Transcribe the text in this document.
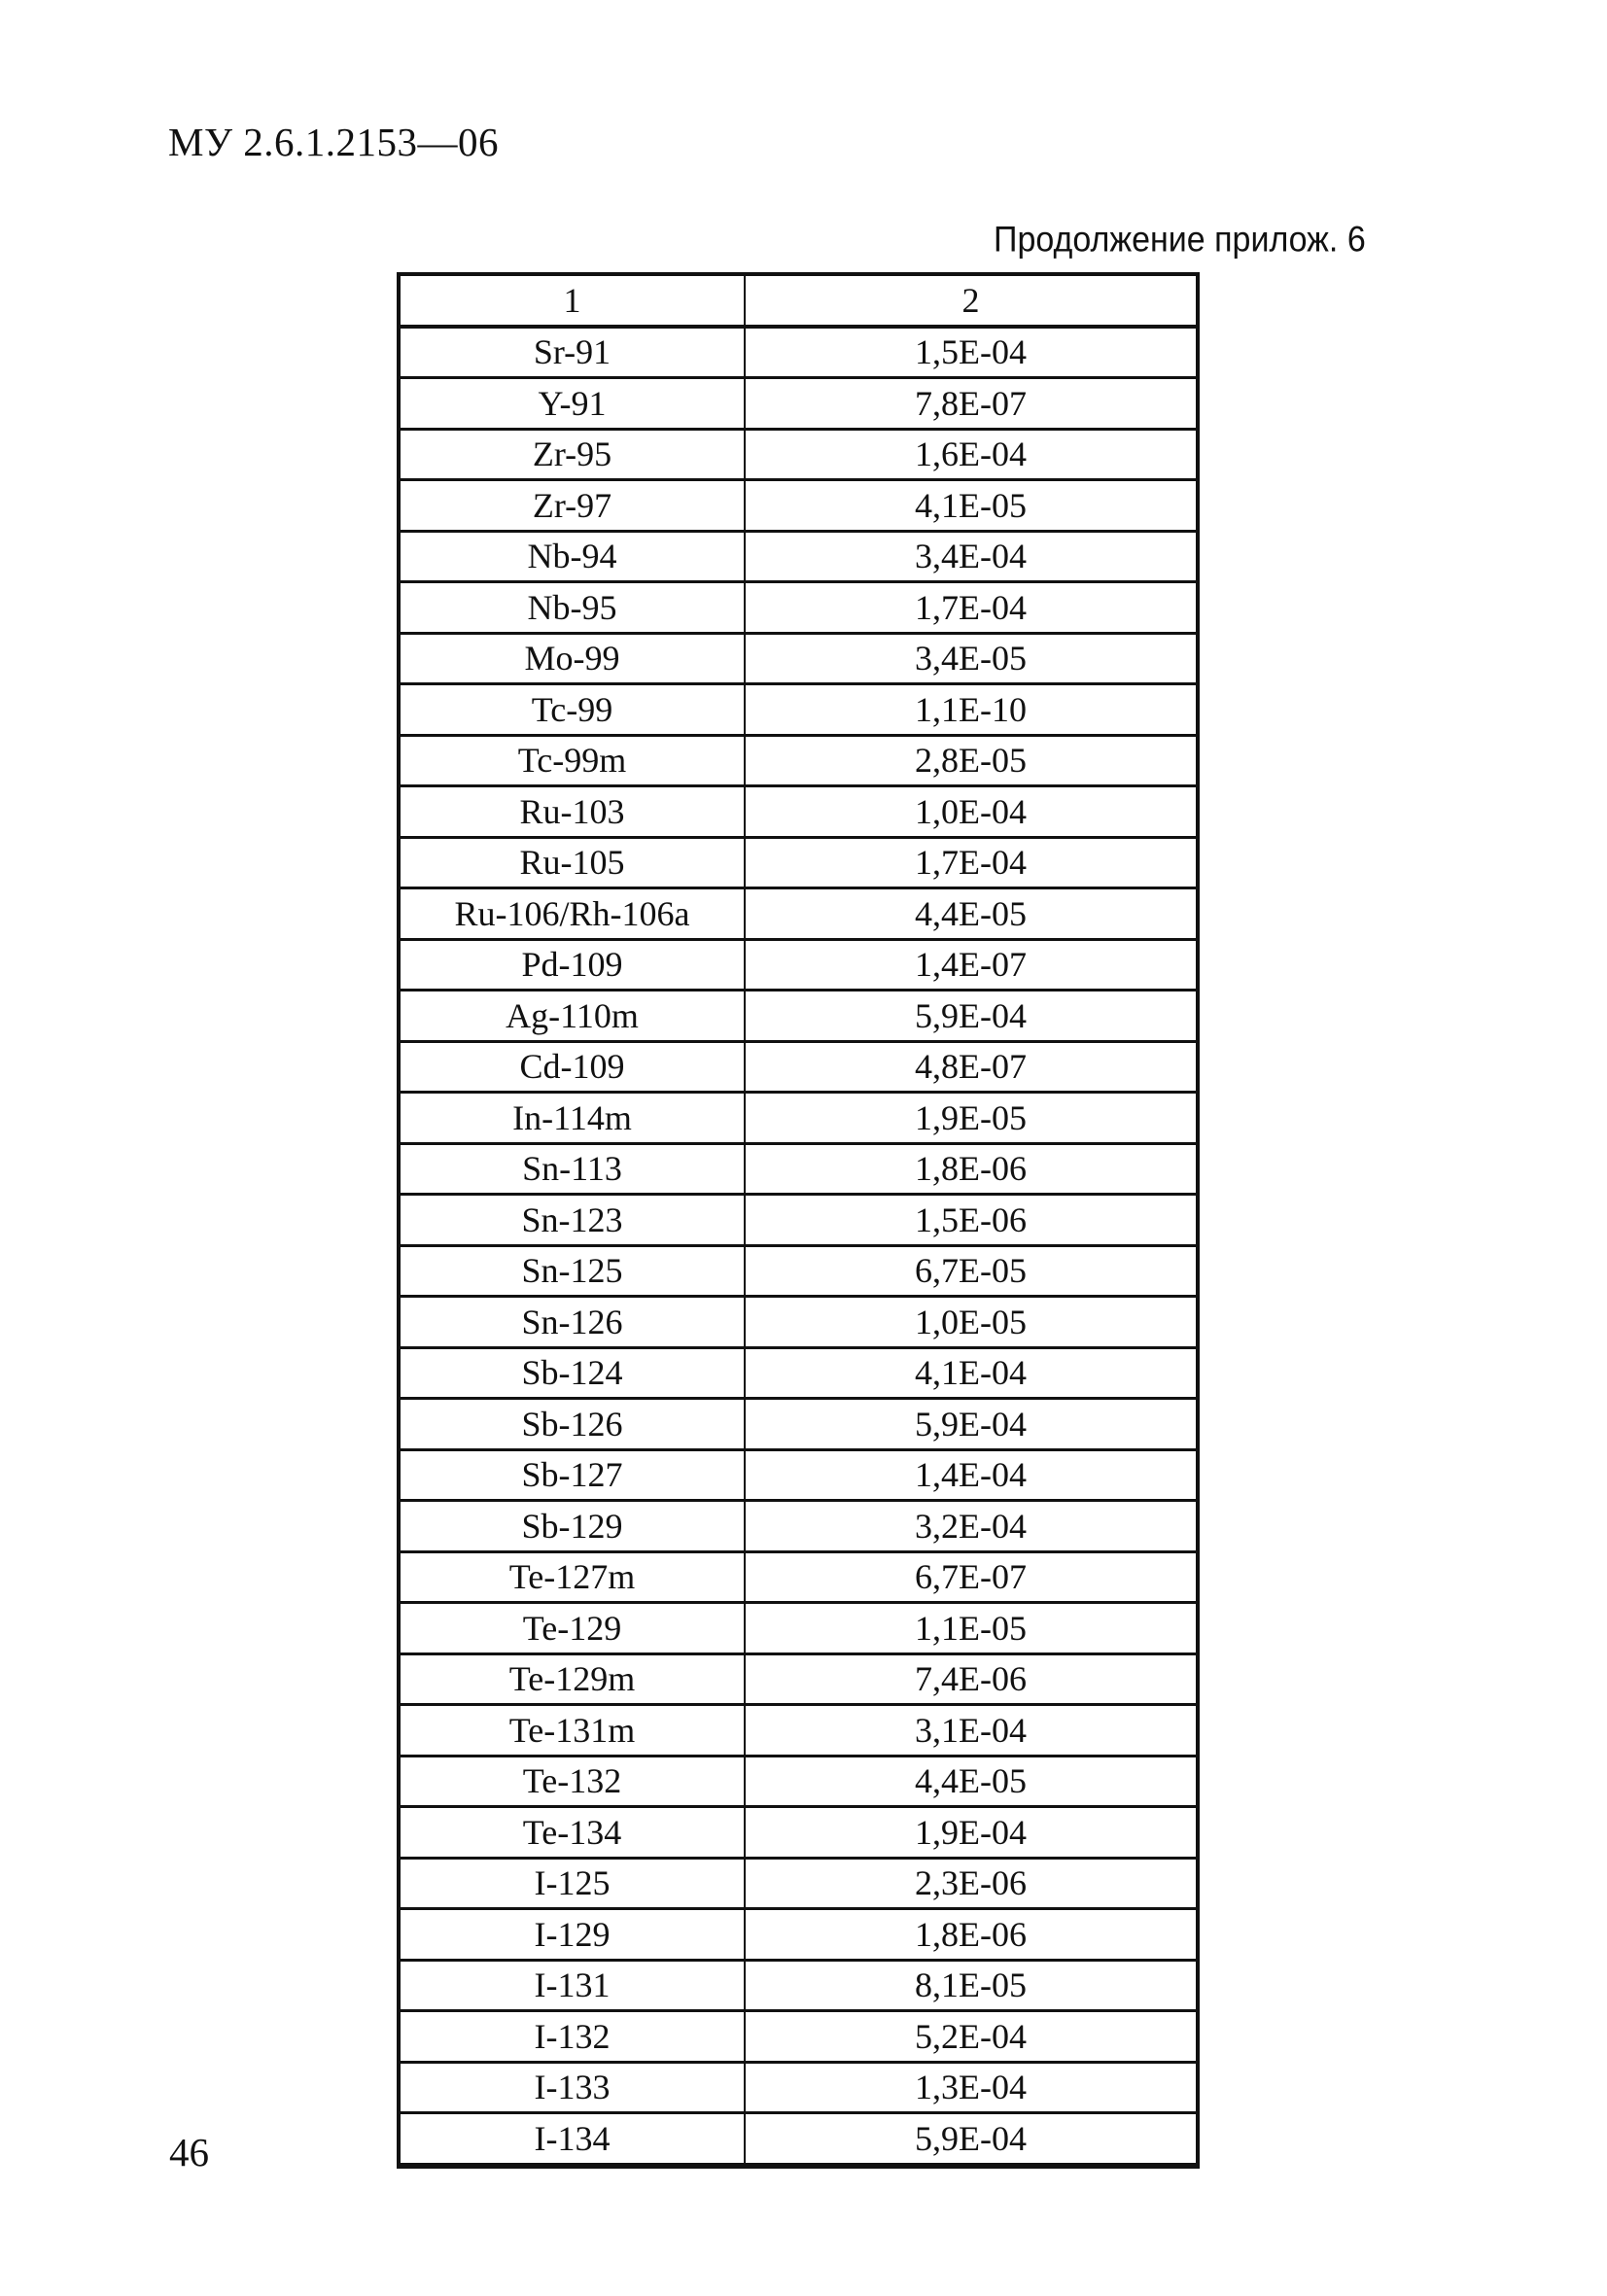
МУ 2.6.1.2153—06
Продолжение прилож. 6
1	2
Sr-91	1,5E-04
Y-91	7,8E-07
Zr-95	1,6E-04
Zr-97	4,1E-05
Nb-94	3,4E-04
Nb-95	1,7E-04
Mo-99	3,4E-05
Tc-99	1,1E-10
Tc-99m	2,8E-05
Ru-103	1,0E-04
Ru-105	1,7E-04
Ru-106/Rh-106a	4,4E-05
Pd-109	1,4E-07
Ag-110m	5,9E-04
Cd-109	4,8E-07
In-114m	1,9E-05
Sn-113	1,8E-06
Sn-123	1,5E-06
Sn-125	6,7E-05
Sn-126	1,0E-05
Sb-124	4,1E-04
Sb-126	5,9E-04
Sb-127	1,4E-04
Sb-129	3,2E-04
Te-127m	6,7E-07
Te-129	1,1E-05
Te-129m	7,4E-06
Te-131m	3,1E-04
Te-132	4,4E-05
Te-134	1,9E-04
I-125	2,3E-06
I-129	1,8E-06
I-131	8,1E-05
I-132	5,2E-04
I-133	1,3E-04
I-134	5,9E-04
46
